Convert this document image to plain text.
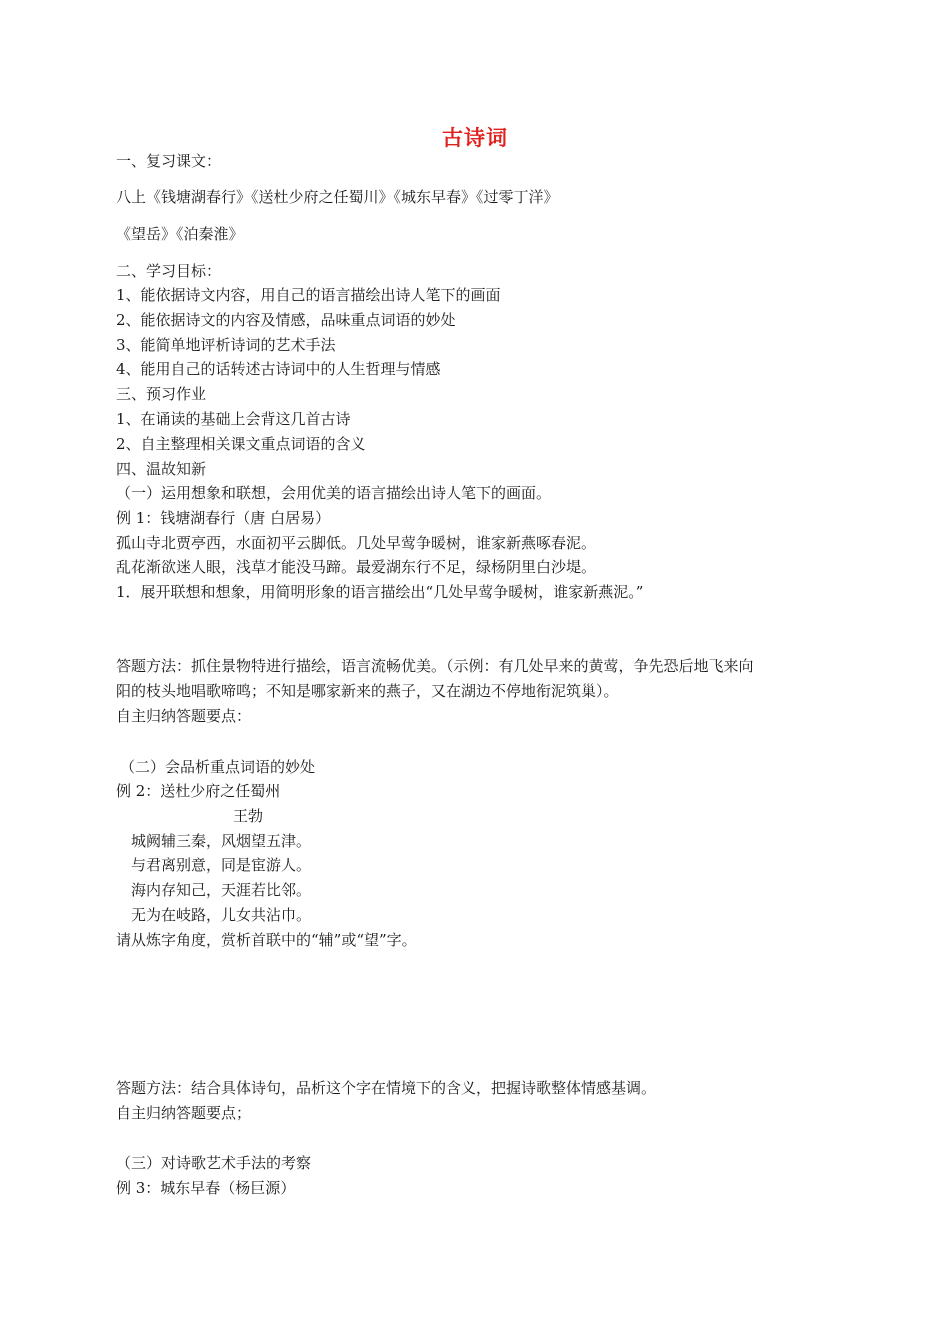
古诗词
一、复习课文：
八上《钱塘湖春行》《送杜少府之任蜀川》《城东早春》《过零丁洋》
《望岳》《泊秦淮》
二、学习目标：
1、能依据诗文内容，用自己的语言描绘出诗人笔下的画面
2、能依据诗文的内容及情感，品味重点词语的妙处
3、能简单地评析诗词的艺术手法
4、能用自己的话转述古诗词中的人生哲理与情感
三、预习作业
1、在诵读的基础上会背这几首古诗
2、自主整理相关课文重点词语的含义
四、温故知新
（一）运用想象和联想，会用优美的语言描绘出诗人笔下的画面。
例 1：钱塘湖春行（唐 白居易）
孤山寺北贾亭西，水面初平云脚低。几处早莺争暖树，谁家新燕啄春泥。
乱花渐欲迷人眼，浅草才能没马蹄。最爱湖东行不足，绿杨阴里白沙堤。
1．展开联想和想象，用简明形象的语言描绘出“几处早莺争暖树，谁家新燕泥。”
答题方法：抓住景物特进行描绘，语言流畅优美。（示例：有几处早来的黄莺，争先恐后地飞来向
阳的枝头地唱歌啼鸣；不知是哪家新来的燕子，又在湖边不停地衔泥筑巢）。
自主归纳答题要点：
（二）会品析重点词语的妙处
例 2：送杜少府之任蜀州
王勃
城阙辅三秦，风烟望五津。
与君离别意，同是宦游人。
海内存知己，天涯若比邻。
无为在岐路，儿女共沾巾。
请从炼字角度，赏析首联中的“辅”或“望”字。
答题方法：结合具体诗句，品析这个字在情境下的含义，把握诗歌整体情感基调。
自主归纳答题要点；
（三）对诗歌艺术手法的考察
例 3：城东早春（杨巨源）
